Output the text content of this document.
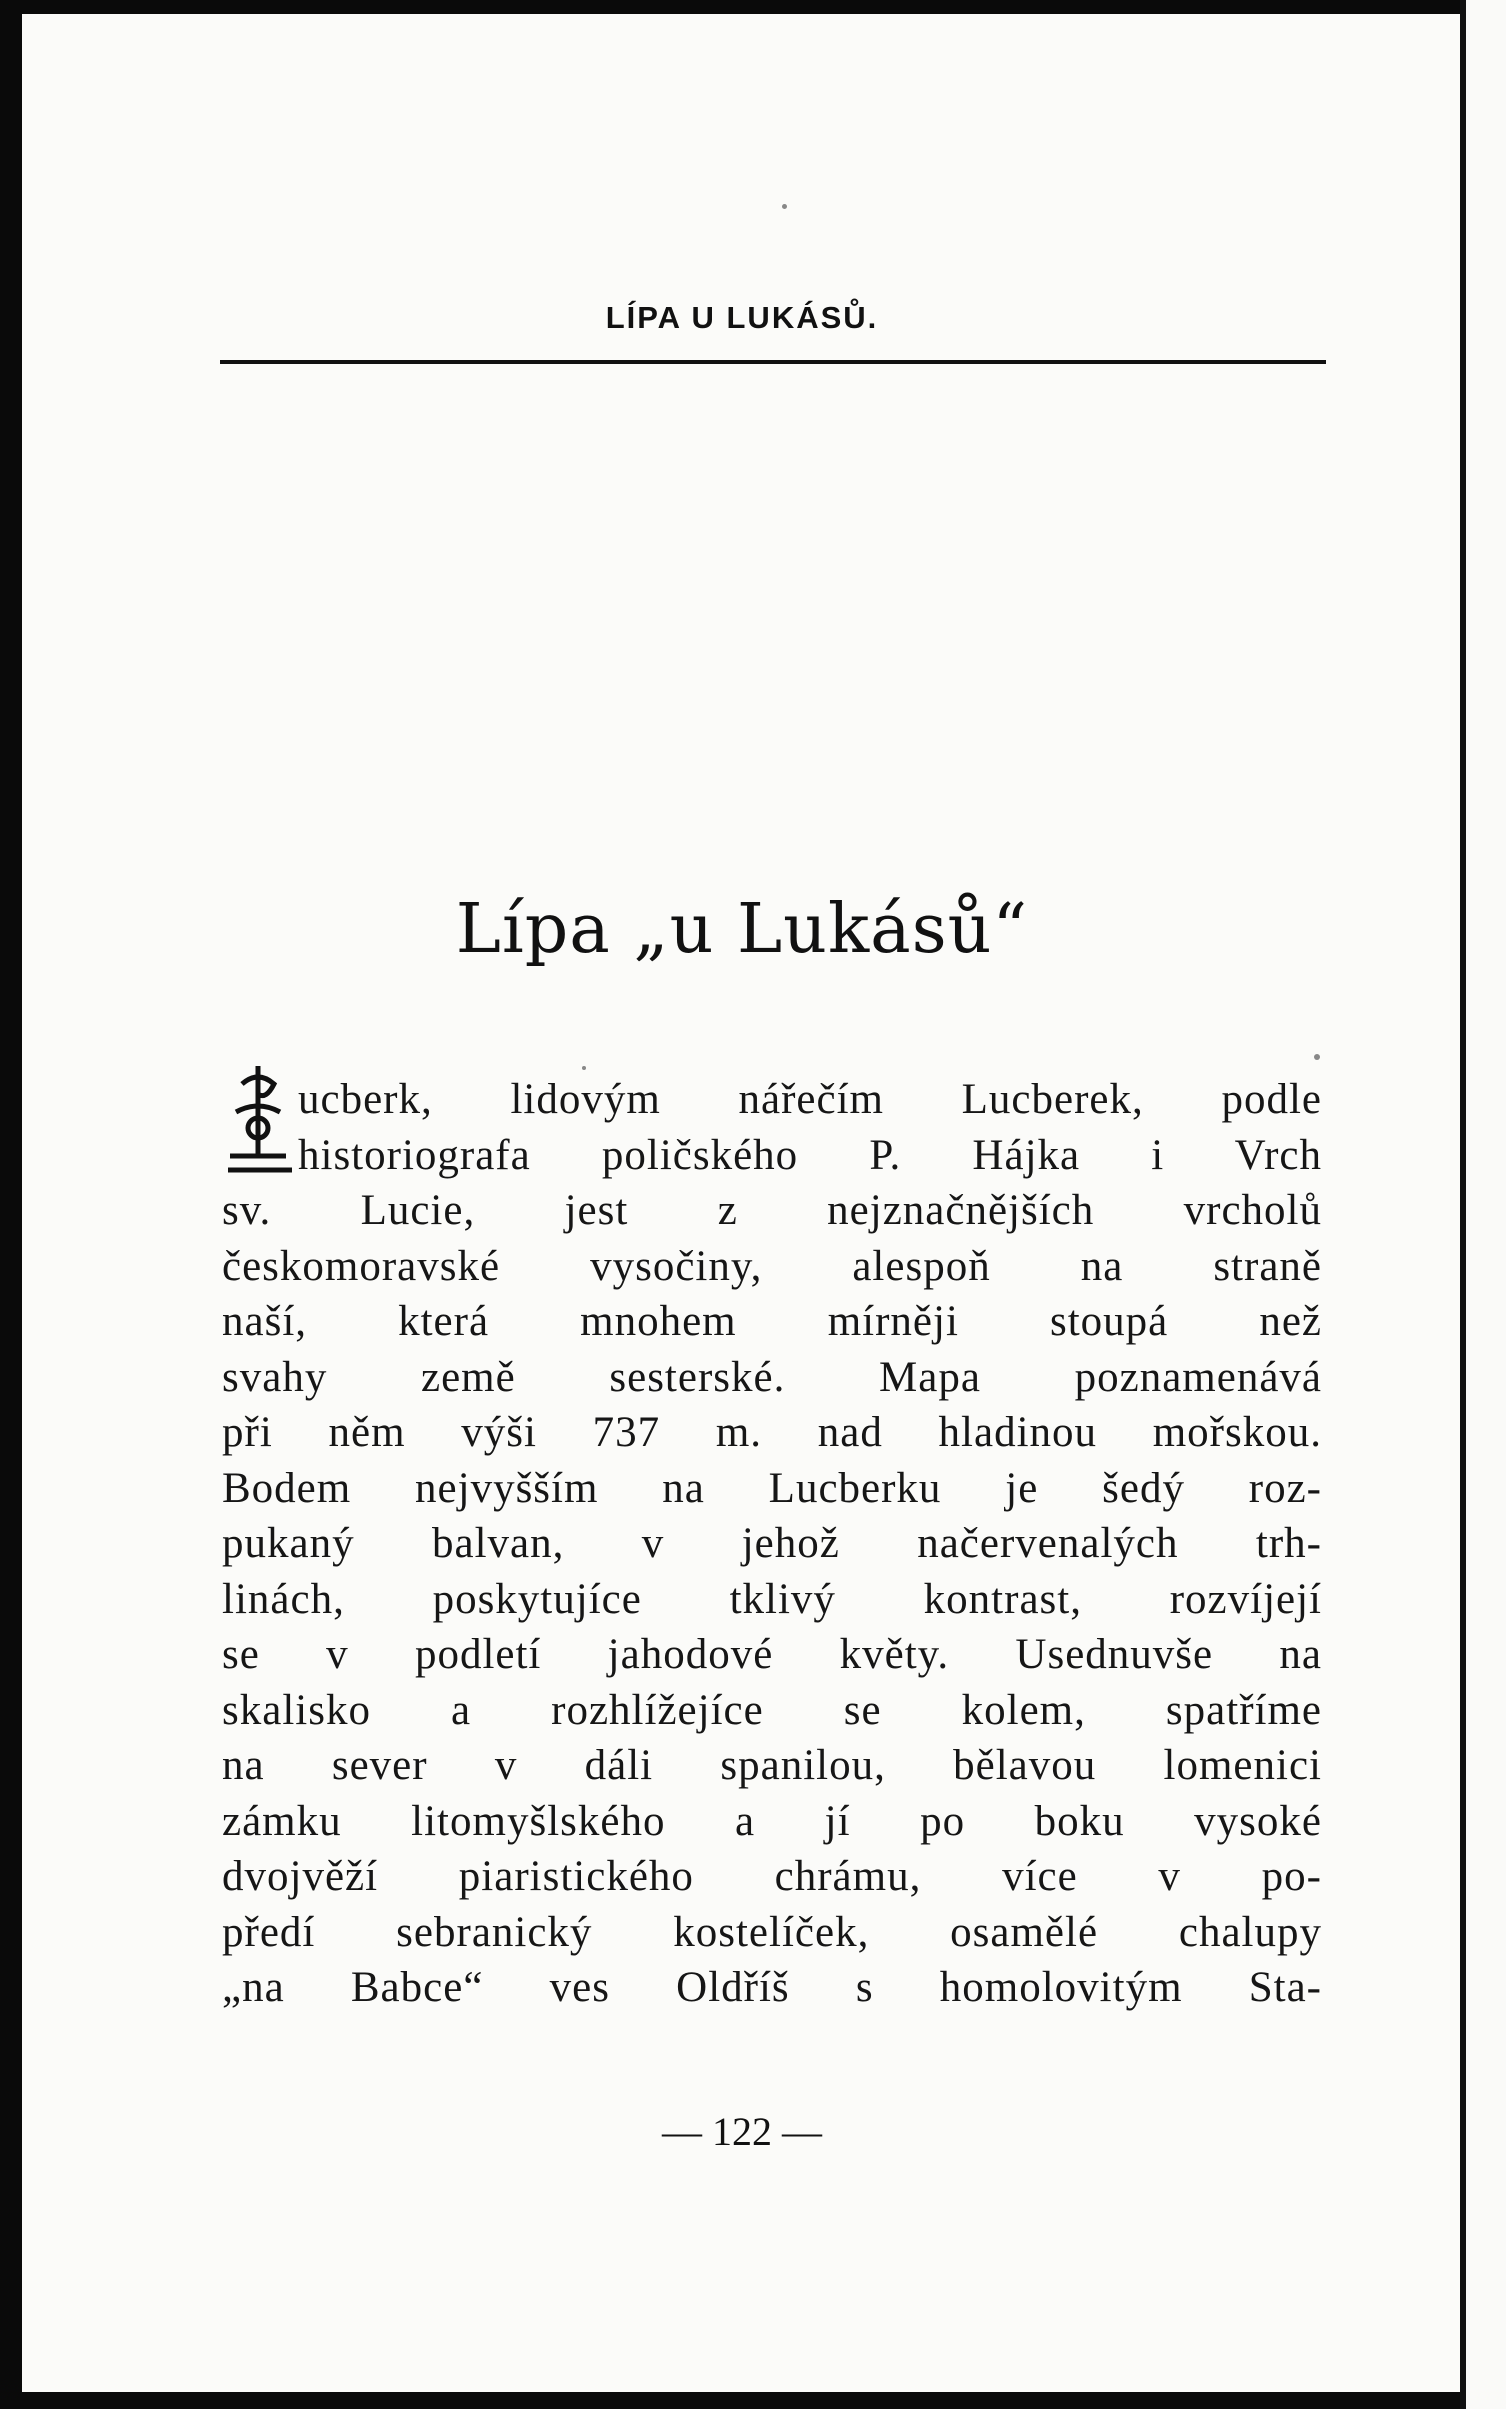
LÍPA U LUKÁSŮ.
Lípa „u Lukásů“
L
ucberk, lidovým nářečím Lucberek, podle
historiografa poličského P. Hájka i Vrch
sv. Lucie, jest z nejznačnějších vrcholů
českomoravské vysočiny, alespoň na straně
naší, která mnohem mírněji stoupá než
svahy země sesterské. Mapa poznamenává
při něm výši 737 m. nad hladinou mořskou.
Bodem nejvyšším na Lucberku je šedý roz-
pukaný balvan, v jehož načervenalých trh-
linách, poskytujíce tklivý kontrast, rozvíjejí
se v podletí jahodové květy. Usednuvše na
skalisko a rozhlížejíce se kolem, spatříme
na sever v dáli spanilou, bělavou lomenici
zámku litomyšlského a jí po boku vysoké
dvojvěží piaristického chrámu, více v po-
předí sebranický kostelíček, osamělé chalupy
„na Babce“ ves Oldříš s homolovitým Sta-
— 122 —
